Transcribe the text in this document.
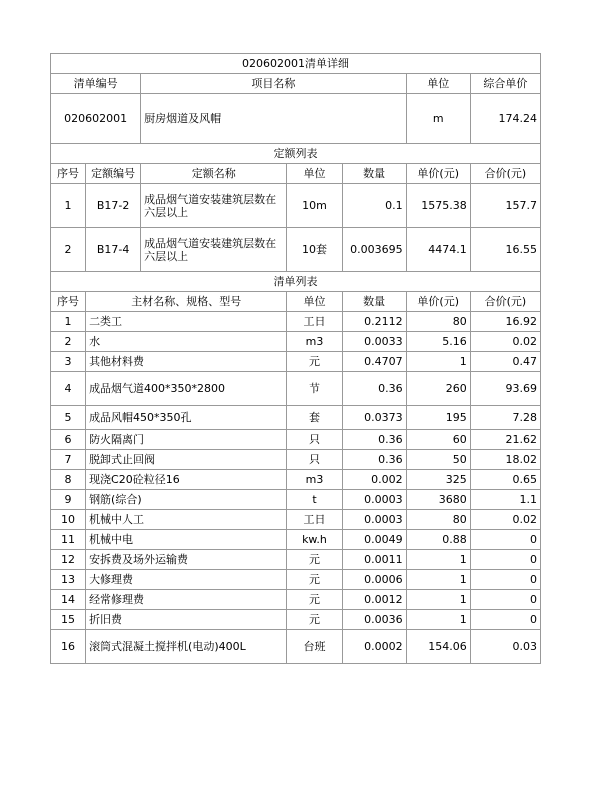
020602001清单详细						
清单编号		项目名称			单位	综合单价
020602001		厨房烟道及风帽			m	174.24
定额列表						
序号	定额编号	定额名称	单位	数量	单价(元)	合价(元)
1	B17-2	成品烟气道安装建筑层数在六层以上	10m	0.1	1575.38	157.7
2	B17-4	成品烟气道安装建筑层数在六层以上	10套	0.003695	4474.1	16.55
清单列表						
序号	主材名称、规格、型号		单位	数量	单价(元)	合价(元)
1	二类工		工日	0.2112	80	16.92
2	水		m3	0.0033	5.16	0.02
3	其他材料费		元	0.4707	1	0.47
4	成品烟气道400*350*2800		节	0.36	260	93.69
5	成品风帽450*350孔		套	0.0373	195	7.28
6	防火隔离门		只	0.36	60	21.62
7	脱卸式止回阀		只	0.36	50	18.02
8	现浇C20砼粒径16		m3	0.002	325	0.65
9	钢筋(综合)		t	0.0003	3680	1.1
10	机械中人工		工日	0.0003	80	0.02
11	机械中电		kw.h	0.0049	0.88	0
12	安拆费及场外运输费		元	0.0011	1	0
13	大修理费		元	0.0006	1	0
14	经常修理费		元	0.0012	1	0
15	折旧费		元	0.0036	1	0
16	滚筒式混凝土搅拌机(电动)400L		台班	0.0002	154.06	0.03
